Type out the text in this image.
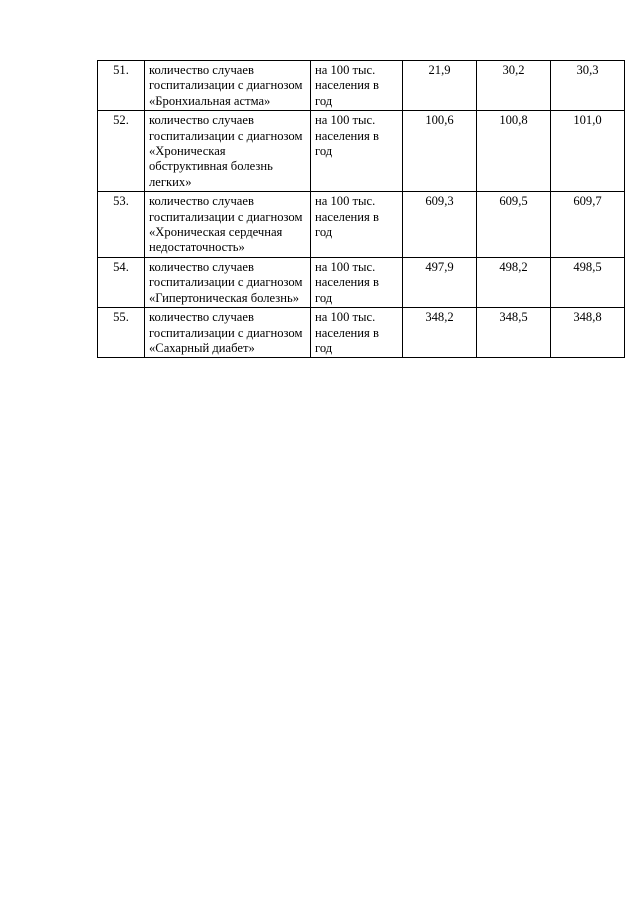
51.	количество случаев госпитализации с диагнозом «Бронхиальная астма»	на 100 тыс. населения в год	21,9	30,2	30,3
52.	количество случаев госпитализации с диагнозом «Хроническая обструктивная болезнь легких»	на 100 тыс. населения в год	100,6	100,8	101,0
53.	количество случаев госпитализации с диагнозом «Хроническая сердечная недостаточность»	на 100 тыс. населения в год	609,3	609,5	609,7
54.	количество случаев госпитализации с диагнозом «Гипертоническая болезнь»	на 100 тыс. населения в год	497,9	498,2	498,5
55.	количество случаев госпитализации с диагнозом «Сахарный диабет»	на 100 тыс. населения в год	348,2	348,5	348,8
